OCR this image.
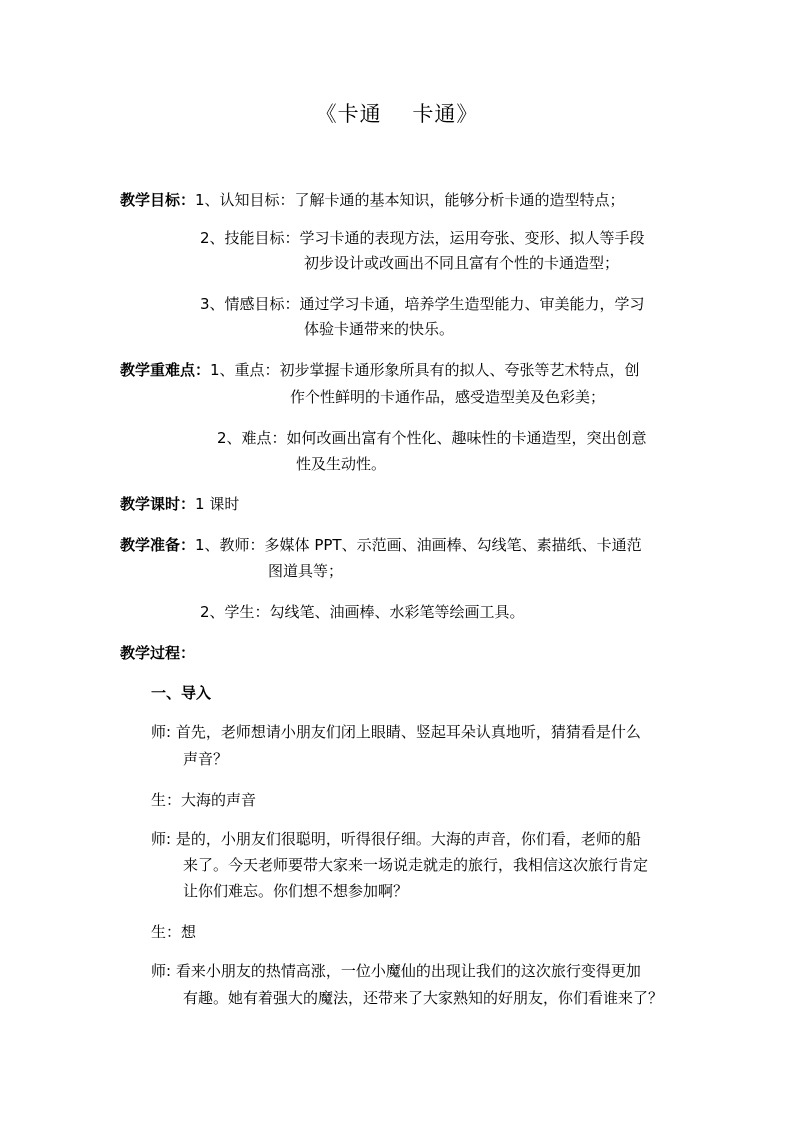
《卡通    卡通》
教学目标：1、认知目标：了解卡通的基本知识，能够分析卡通的造型特点；
2、技能目标：学习卡通的表现方法，运用夸张、变形、拟人等手段
初步设计或改画出不同且富有个性的卡通造型；
3、情感目标：通过学习卡通，培养学生造型能力、审美能力，学习
体验卡通带来的快乐。
教学重难点：1、重点：初步掌握卡通形象所具有的拟人、夸张等艺术特点，创
作个性鲜明的卡通作品，感受造型美及色彩美；
2、难点：如何改画出富有个性化、趣味性的卡通造型，突出创意
性及生动性。
教学课时：1 课时
教学准备：1、教师：多媒体 PPT、示范画、油画棒、勾线笔、素描纸、卡通范
图道具等；
2、学生：勾线笔、油画棒、水彩笔等绘画工具。
教学过程：
一、导入
师: 首先，老师想请小朋友们闭上眼睛、竖起耳朵认真地听，猜猜看是什么
声音？
生：大海的声音
师: 是的，小朋友们很聪明，听得很仔细。大海的声音，你们看，老师的船
来了。今天老师要带大家来一场说走就走的旅行，我相信这次旅行肯定
让你们难忘。你们想不想参加啊？
生：想
师: 看来小朋友的热情高涨，一位小魔仙的出现让我们的这次旅行变得更加
有趣。她有着强大的魔法，还带来了大家熟知的好朋友，你们看谁来了？
